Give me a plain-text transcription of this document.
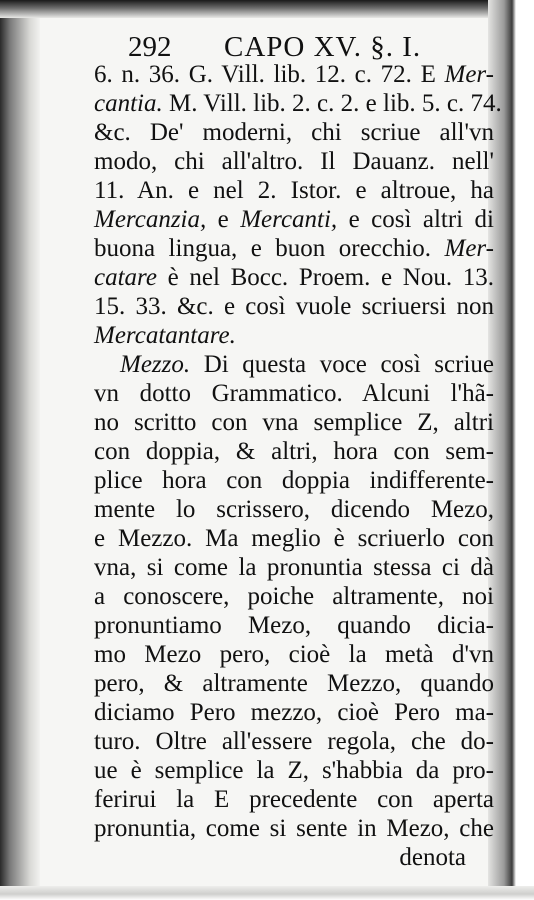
292 CAPO XV. §. I.
6. n. 36. G. Vill. lib. 12. c. 72. E Mer-
cantia. M. Vill. lib. 2. c. 2. e lib. 5. c. 74.
&c. De' moderni, chi scriue all'vn
modo, chi all'altro. Il Dauanz. nell'
11. An. e nel 2. Istor. e altroue, ha
Mercanzia, e Mercanti, e così altri di
buona lingua, e buon orecchio. Mer-
catare è nel Bocc. Proem. e Nou. 13.
15. 33. &c. e così vuole scriuersi non
Mercatantare.
Mezzo. Di questa voce così scriue
vn dotto Grammatico. Alcuni l'hã-
no scritto con vna semplice Z, altri
con doppia, & altri, hora con sem-
plice hora con doppia indifferente-
mente lo scrissero, dicendo Mezo,
e Mezzo. Ma meglio è scriuerlo con
vna, si come la pronuntia stessa ci dà
a conoscere, poiche altramente, noi
pronuntiamo Mezo, quando dicia-
mo Mezo pero, cioè la metà d'vn
pero, & altramente Mezzo, quando
diciamo Pero mezzo, cioè Pero ma-
turo. Oltre all'essere regola, che do-
ue è semplice la Z, s'habbia da pro-
ferirui la E precedente con aperta
pronuntia, come si sente in Mezo, che
denota
